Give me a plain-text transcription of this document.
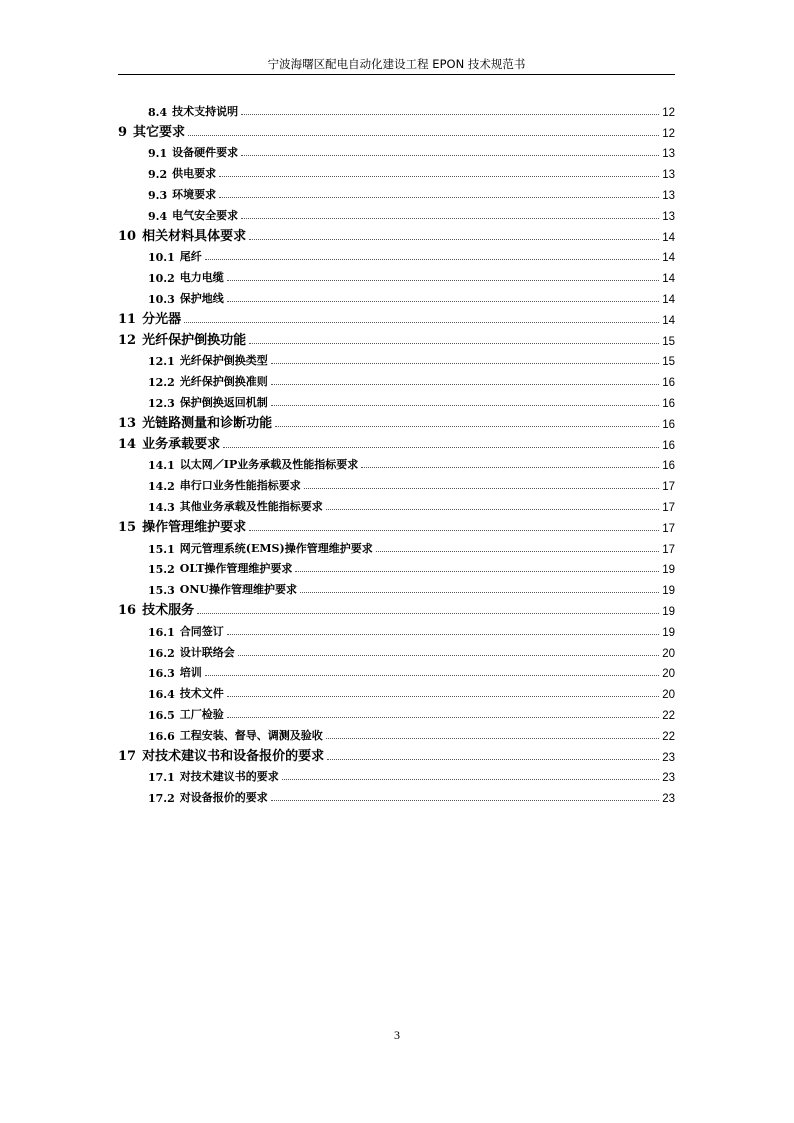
宁波海曙区配电自动化建设工程 EPON 技术规范书
8.4 技术支持说明	12
9 其它要求	12
9.1 设备硬件要求	13
9.2 供电要求	13
9.3 环境要求	13
9.4 电气安全要求	13
10 相关材料具体要求	14
10.1 尾纤	14
10.2 电力电缆	14
10.3 保护地线	14
11 分光器	14
12 光纤保护倒换功能	15
12.1 光纤保护倒换类型	15
12.2 光纤保护倒换准则	16
12.3 保护倒换返回机制	16
13 光链路测量和诊断功能	16
14 业务承载要求	16
14.1 以太网／IP业务承载及性能指标要求	16
14.2 串行口业务性能指标要求	17
14.3 其他业务承载及性能指标要求	17
15 操作管理维护要求	17
15.1 网元管理系统(EMS)操作管理维护要求	17
15.2 OLT操作管理维护要求	19
15.3 ONU操作管理维护要求	19
16 技术服务	19
16.1 合同签订	19
16.2 设计联络会	20
16.3 培训	20
16.4 技术文件	20
16.5 工厂检验	22
16.6 工程安装、督导、调测及验收	22
17 对技术建议书和设备报价的要求	23
17.1 对技术建议书的要求	23
17.2 对设备报价的要求	23
3
